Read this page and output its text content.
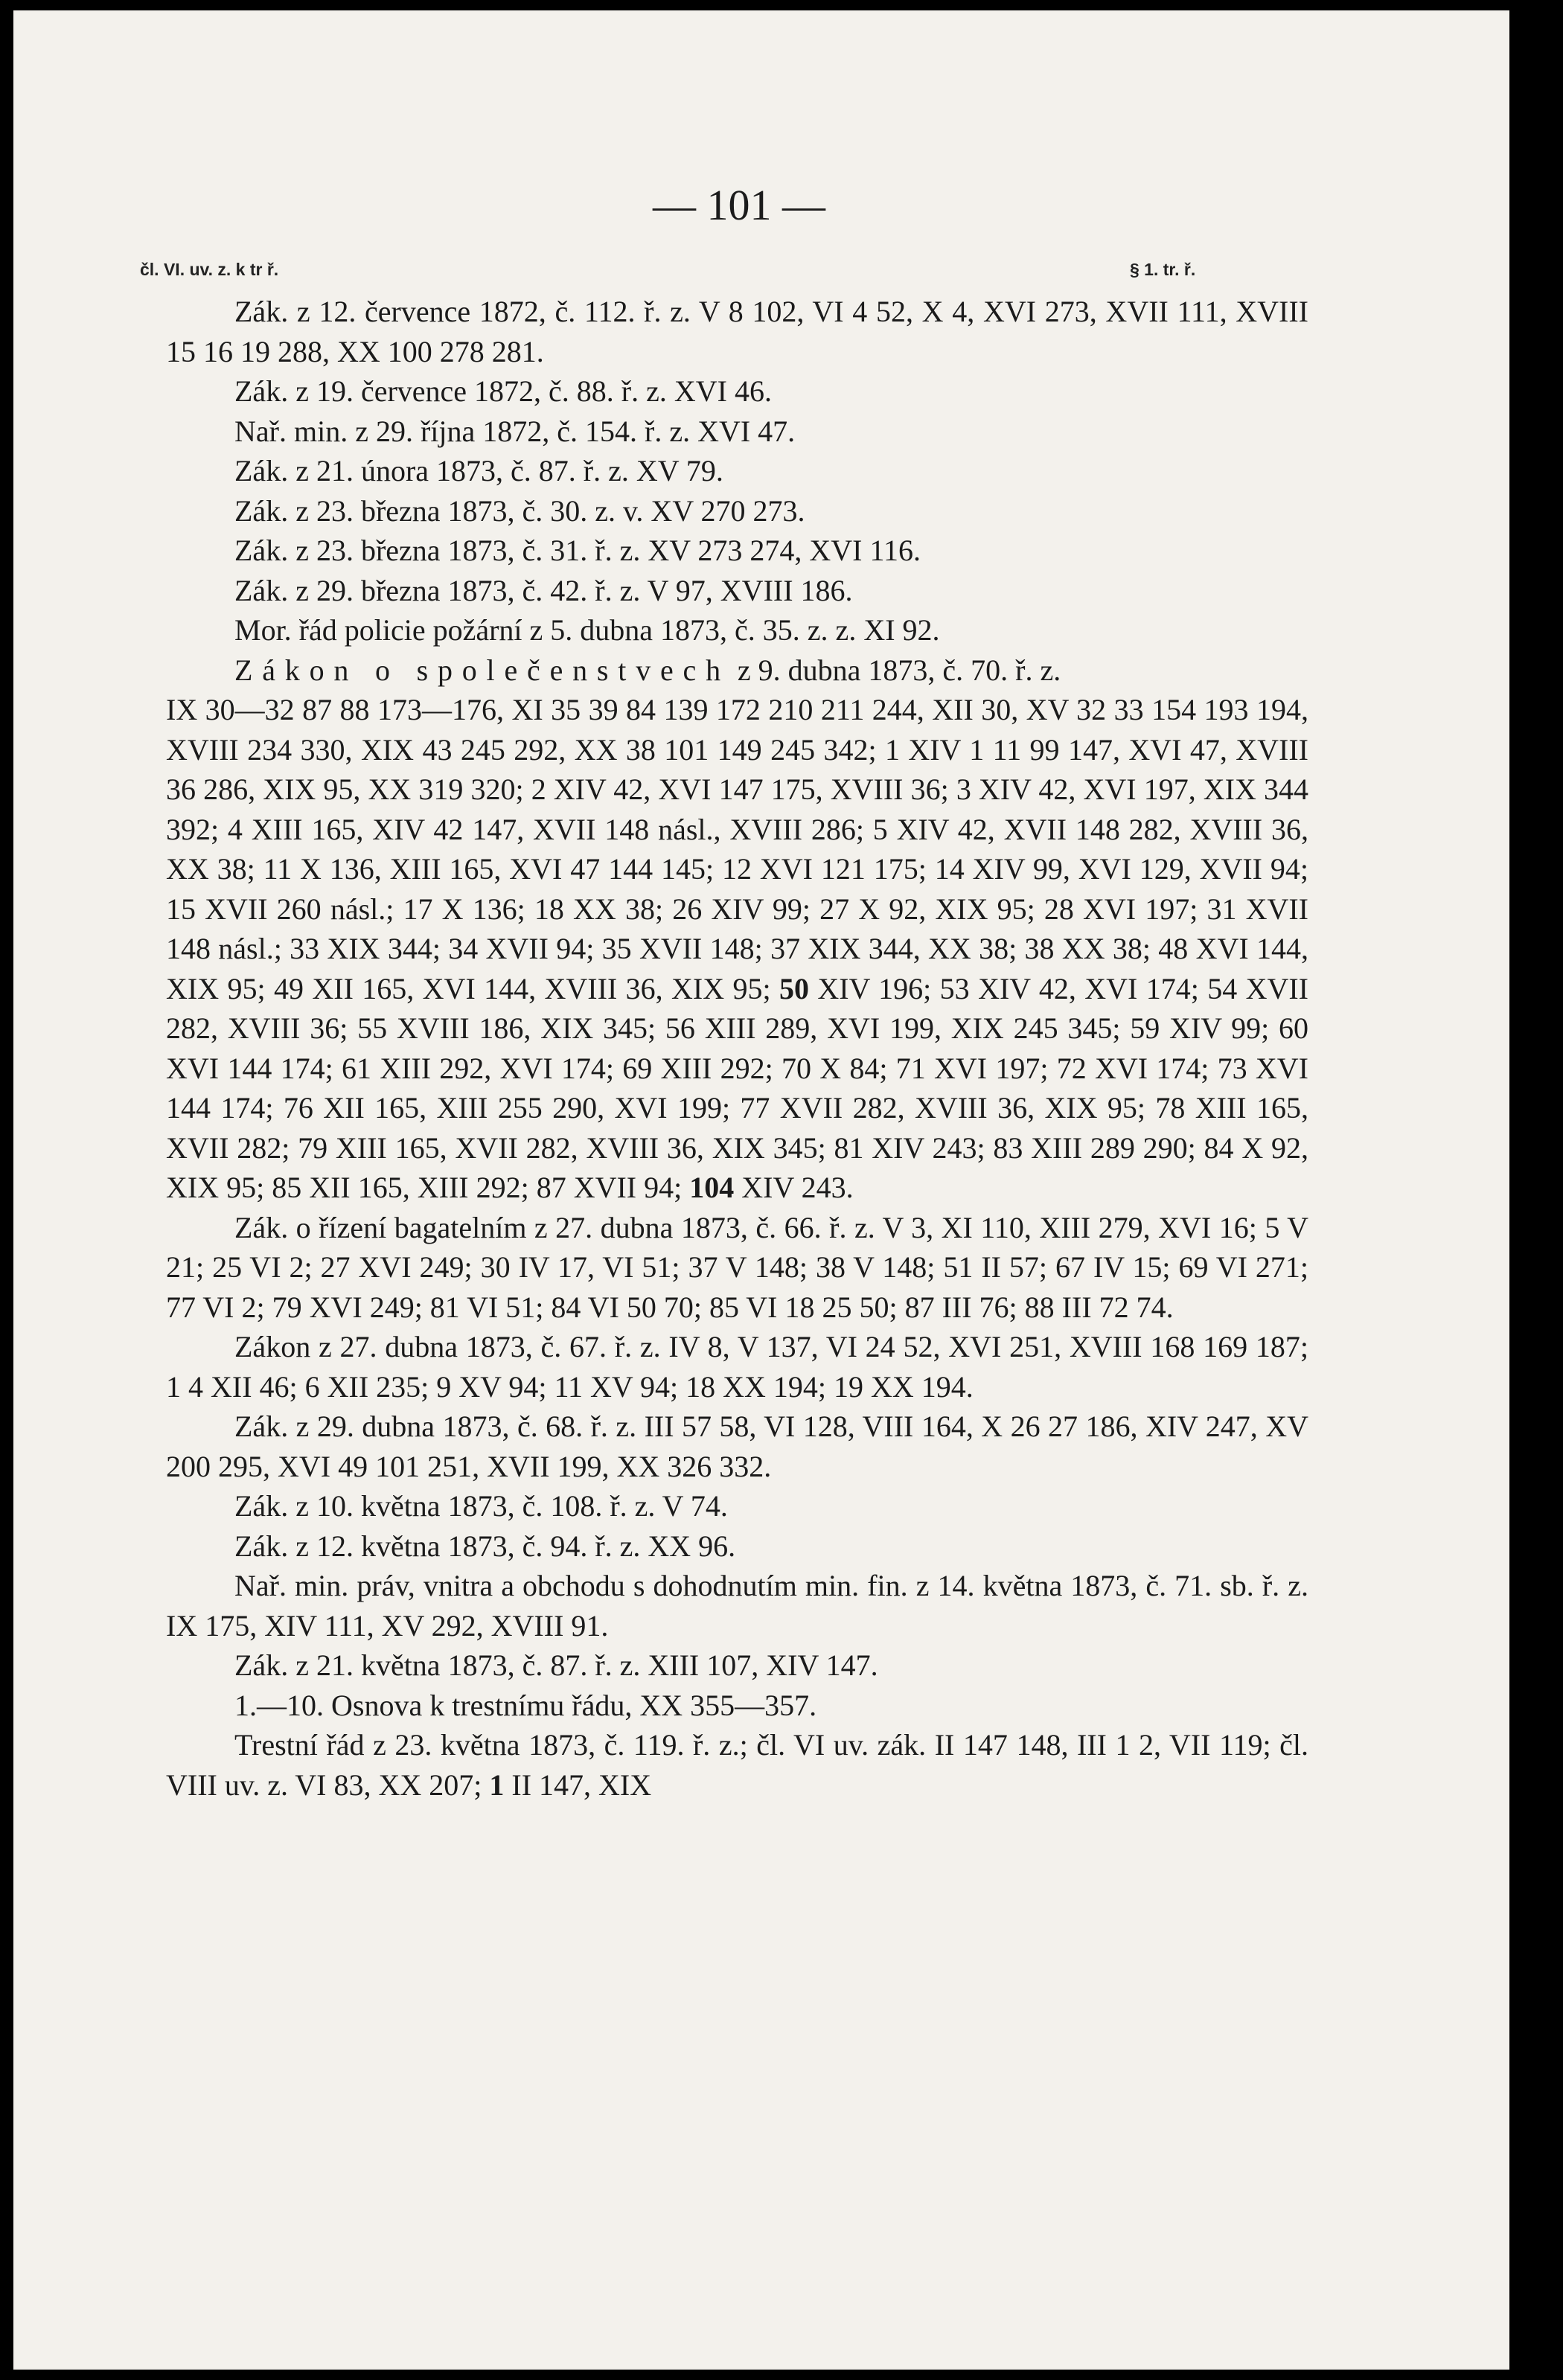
— 101 —
čl. VI. uv. z. k tr ř.	§ 1. tr. ř.

Zák. z 12. července 1872, č. 112. ř. z. V 8 102, VI 4 52, X 4, XVI 273, XVII 111, XVIII 15 16 19 288, XX 100 278 281.

Zák. z 19. července 1872, č. 88. ř. z. XVI 46.

Nař. min. z 29. října 1872, č. 154. ř. z. XVI 47.

Zák. z 21. února 1873, č. 87. ř. z. XV 79.

Zák. z 23. března 1873, č. 30. z. v. XV 270 273.

Zák. z 23. března 1873, č. 31. ř. z. XV 273 274, XVI 116.

Zák. z 29. března 1873, č. 42. ř. z. V 97, XVIII 186.

Mor. řád policie požární z 5. dubna 1873, č. 35. z. z. XI 92.

Zákon o společenstvech z 9. dubna 1873, č. 70. ř. z.

IX 30—32 87 88 173—176, XI 35 39 84 139 172 210 211 244, XII 30, XV 32 33 154 193 194, XVIII 234 330, XIX 43 245 292, XX 38 101 149 245 342; 1 XIV 1 11 99 147, XVI 47, XVIII 36 286, XIX 95, XX 319 320; 2 XIV 42, XVI 147 175, XVIII 36; 3 XIV 42, XVI 197, XIX 344 392; 4 XIII 165, XIV 42 147, XVII 148 násl., XVIII 286; 5 XIV 42, XVII 148 282, XVIII 36, XX 38; 11 X 136, XIII 165, XVI 47 144 145; 12 XVI 121 175; 14 XIV 99, XVI 129, XVII 94; 15 XVII 260 násl.; 17 X 136; 18 XX 38; 26 XIV 99; 27 X 92, XIX 95; 28 XVI 197; 31 XVII 148 násl.; 33 XIX 344; 34 XVII 94; 35 XVII 148; 37 XIX 344, XX 38; 38 XX 38; 48 XVI 144, XIX 95; 49 XII 165, XVI 144, XVIII 36, XIX 95; 50 XIV 196; 53 XIV 42, XVI 174; 54 XVII 282, XVIII 36; 55 XVIII 186, XIX 345; 56 XIII 289, XVI 199, XIX 245 345; 59 XIV 99; 60 XVI 144 174; 61 XIII 292, XVI 174; 69 XIII 292; 70 X 84; 71 XVI 197; 72 XVI 174; 73 XVI 144 174; 76 XII 165, XIII 255 290, XVI 199; 77 XVII 282, XVIII 36, XIX 95; 78 XIII 165, XVII 282; 79 XIII 165, XVII 282, XVIII 36, XIX 345; 81 XIV 243; 83 XIII 289 290; 84 X 92, XIX 95; 85 XII 165, XIII 292; 87 XVII 94; 104 XIV 243.

Zák. o řízení bagatelním z 27. dubna 1873, č. 66. ř. z. V 3, XI 110, XIII 279, XVI 16; 5 V 21; 25 VI 2; 27 XVI 249; 30 IV 17, VI 51; 37 V 148; 38 V 148; 51 II 57; 67 IV 15; 69 VI 271; 77 VI 2; 79 XVI 249; 81 VI 51; 84 VI 50 70; 85 VI 18 25 50; 87 III 76; 88 III 72 74.

Zákon z 27. dubna 1873, č. 67. ř. z. IV 8, V 137, VI 24 52, XVI 251, XVIII 168 169 187; 1 4 XII 46; 6 XII 235; 9 XV 94; 11 XV 94; 18 XX 194; 19 XX 194.

Zák. z 29. dubna 1873, č. 68. ř. z. III 57 58, VI 128, VIII 164, X 26 27 186, XIV 247, XV 200 295, XVI 49 101 251, XVII 199, XX 326 332.

Zák. z 10. května 1873, č. 108. ř. z. V 74.

Zák. z 12. května 1873, č. 94. ř. z. XX 96.

Nař. min. práv, vnitra a obchodu s dohodnutím min. fin. z 14. května 1873, č. 71. sb. ř. z. IX 175, XIV 111, XV 292, XVIII 91.

Zák. z 21. května 1873, č. 87. ř. z. XIII 107, XIV 147.

1.—10. Osnova k trestnímu řádu, XX 355—357.

Trestní řád z 23. května 1873, č. 119. ř. z.; čl. VI uv. zák. II 147 148, III 1 2, VII 119; čl. VIII uv. z. VI 83, XX 207; 1 II 147, XIX
